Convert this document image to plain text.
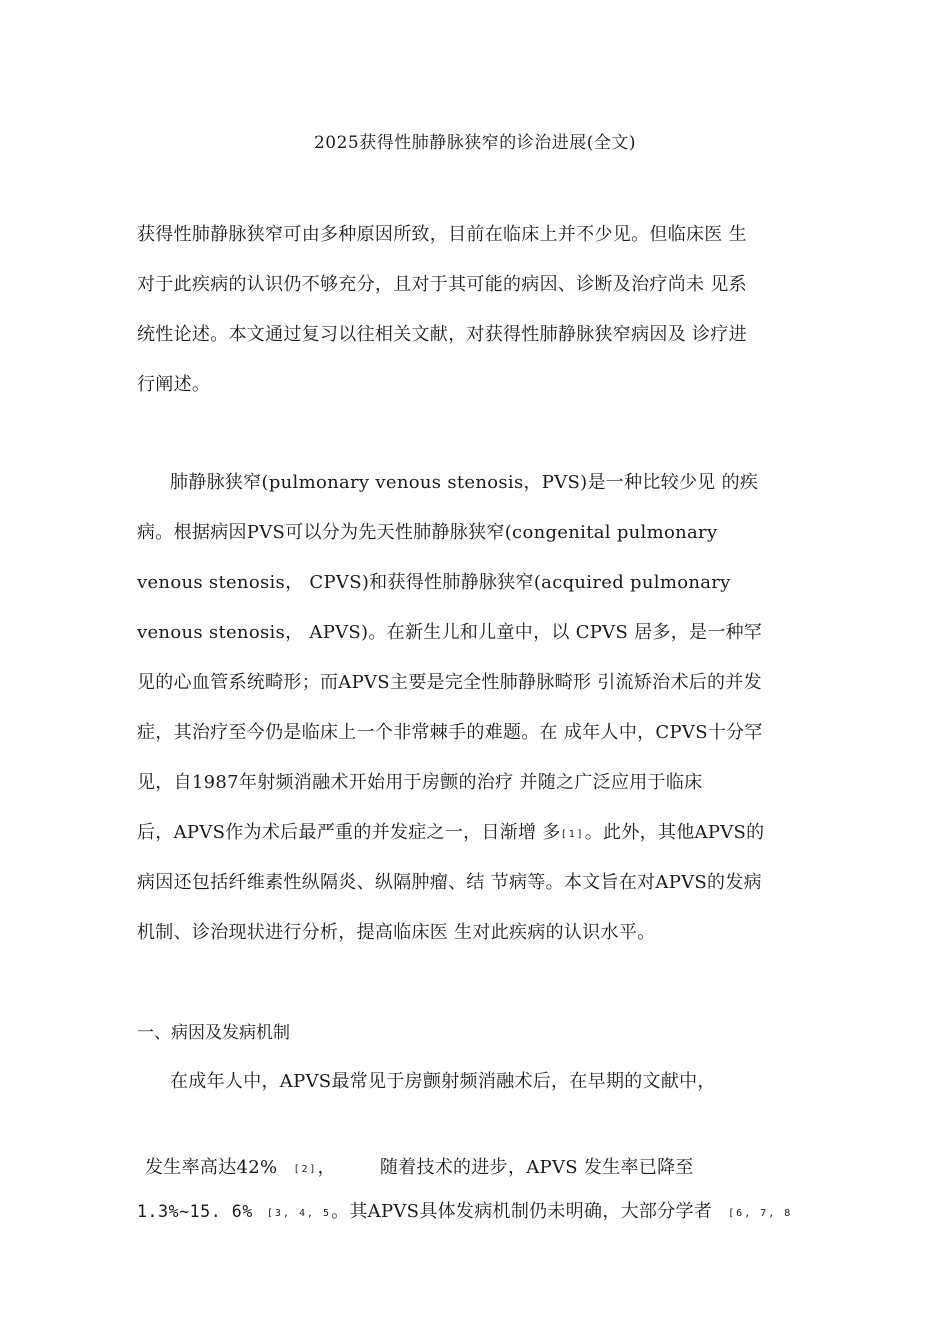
2025获得性肺静脉狭窄的诊治进展(全文)
获得性肺静脉狭窄可由多种原因所致，目前在临床上并不少见。但临床医 生
对于此疾病的认识仍不够充分，且对于其可能的病因、诊断及治疗尚未 见系
统性论述。本文通过复习以往相关文献，对获得性肺静脉狭窄病因及 诊疗进
行阐述。
肺静脉狭窄(pulmonary venous stenosis，PVS)是一种比较少见 的疾
病。根据病因PVS可以分为先天性肺静脉狭窄(congenital pulmonary
venous stenosis， CPVS)和获得性肺静脉狭窄(acquired pulmonary
venous stenosis， APVS)。在新生儿和儿童中，以 CPVS 居多，是一种罕
见的心血管系统畸形；而APVS主要是完全性肺静脉畸形 引流矫治术后的并发
症，其治疗至今仍是临床上一个非常棘手的难题。在 成年人中，CPVS十分罕
见，自1987年射频消融术开始用于房颤的治疗 并随之广泛应用于临床
后，APVS作为术后最严重的并发症之一，日渐增 多[1]。此外，其他APVS的
病因还包括纤维素性纵隔炎、纵隔肿瘤、结 节病等。本文旨在对APVS的发病
机制、诊治现状进行分析，提高临床医 生对此疾病的认识水平。
一、病因及发病机制
在成年人中，APVS最常见于房颤射频消融术后，在早期的文献中，
发生率高达42% [2]， 随着技术的进步，APVS 发生率已降至
1.3%~15. 6% [3, 4, 5。其APVS具体发病机制仍未明确，大部分学者 [6, 7, 8
